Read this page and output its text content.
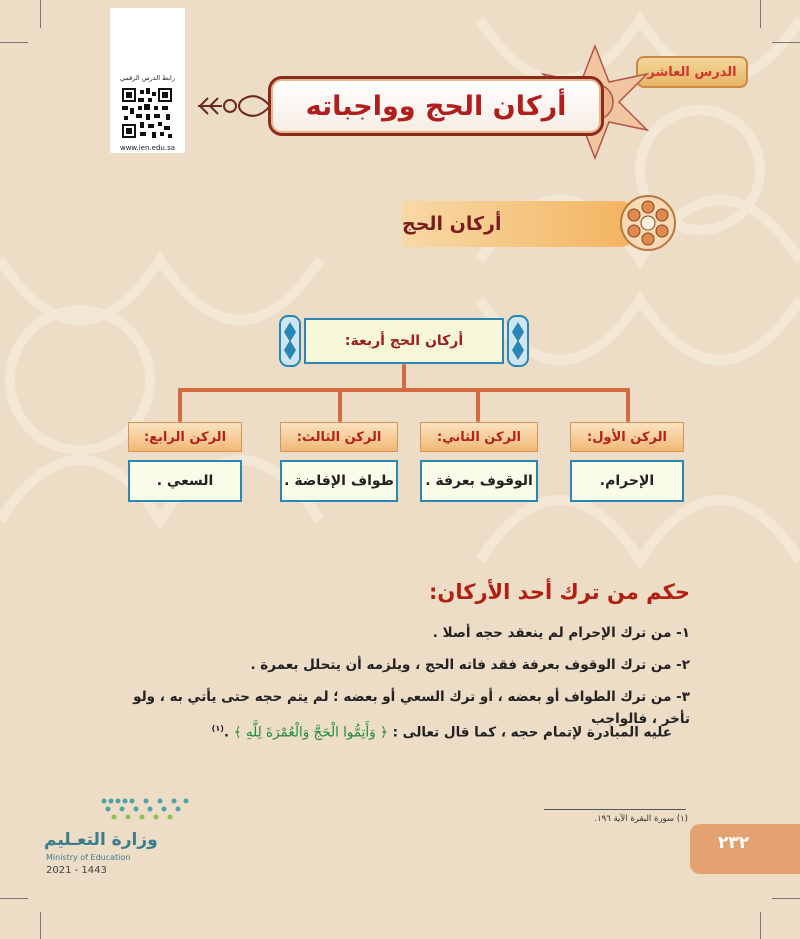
رابط الدرس الرقمي
www.ien.edu.sa
الدرس العاشر
أركان الحج وواجباته
أركان الحج
أركان الحج أربعة:
الركن الأول:
الإحرام.
الركن الثاني:
الوقوف بعرفة .
الركن الثالث:
طواف الإفاضة .
الركن الرابع:
السعي .
حكم من ترك أحد الأركان:
١- من ترك الإحرام لم ينعقد حجه أصلا .
٢- من ترك الوقوف بعرفة فقد فاته الحج ، ويلزمه أن يتحلل بعمرة .
٣- من ترك الطواف أو بعضه ، أو ترك السعي أو بعضه ؛ لم يتم حجه حتى يأتي به ، ولو تأخر ، فالواجب
عليه المبادرة لإتمام حجه ، كما قال تعالى : ﴿ وَأَتِمُّوا الْحَجَّ وَالْعُمْرَةَ لِلَّهِ ﴾ .$^{(١)}$
(١) سورة البقرة الآية ١٩٦.
٢٣٢
وزارة التعـليم
Ministry of Education
2021 - 1443
